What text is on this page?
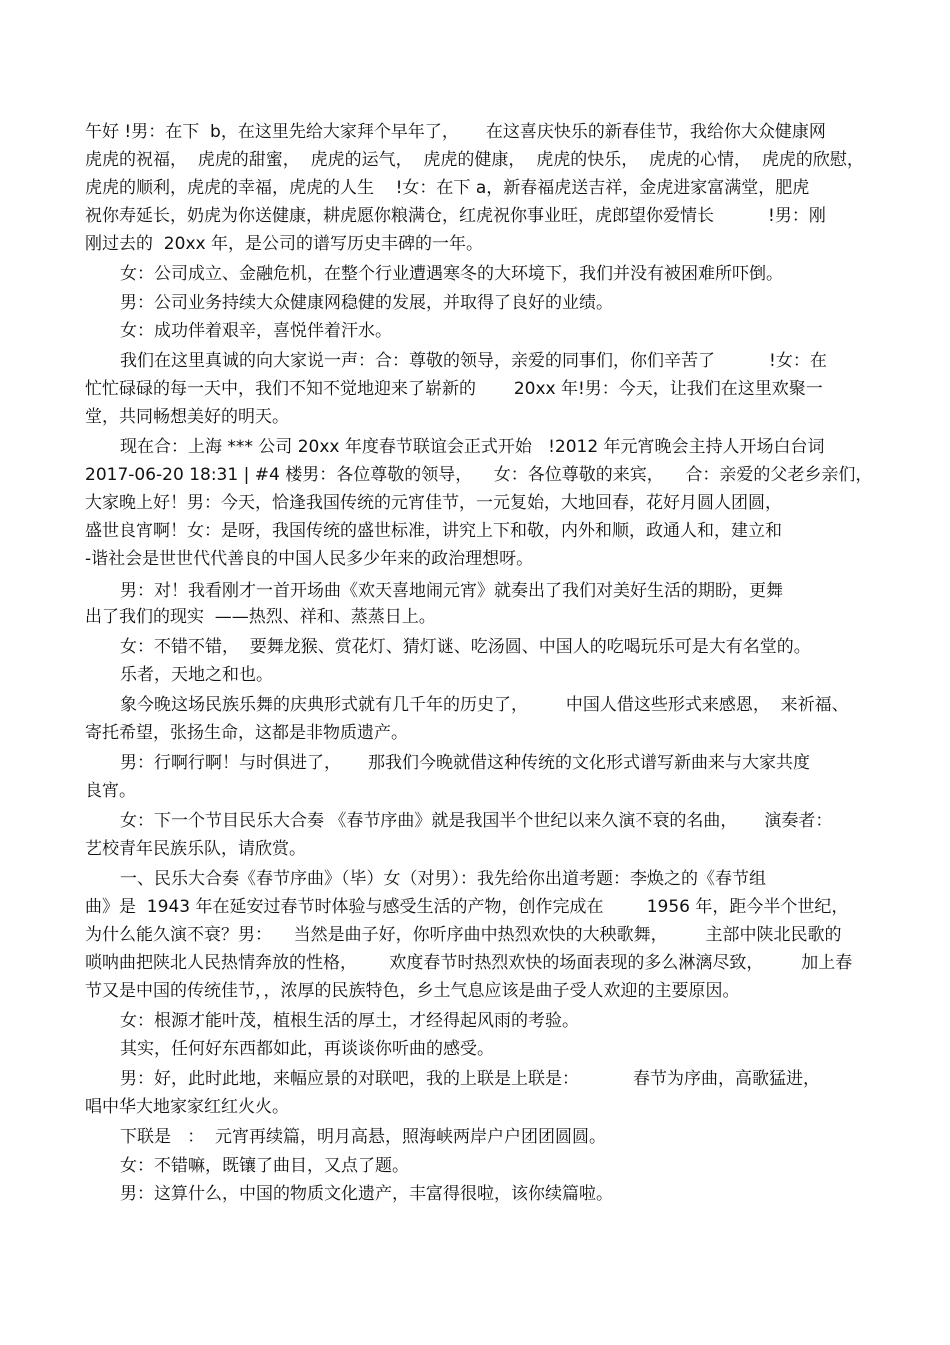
午好 !男：在下  b，在这里先给大家拜个早年了，     在这喜庆快乐的新春佳节，我给你大众健康网
虎虎的祝福，  虎虎的甜蜜，  虎虎的运气，  虎虎的健康，  虎虎的快乐，  虎虎的心情，  虎虎的欣慰，
虎虎的顺利，虎虎的幸福，虎虎的人生    !女：在下 a，新春福虎送吉祥，金虎进家富满堂，肥虎
祝你寿延长，奶虎为你送健康，耕虎愿你粮满仓，红虎祝你事业旺，虎郎望你爱情长          !男：刚
刚过去的  20xx 年，是公司的谱写历史丰碑的一年。
女：公司成立、金融危机，在整个行业遭遇寒冬的大环境下，我们并没有被困难所吓倒。
男：公司业务持续大众健康网稳健的发展，并取得了良好的业绩。
女：成功伴着艰辛，喜悦伴着汗水。
我们在这里真诚的向大家说一声：合：尊敬的领导，亲爱的同事们，你们辛苦了          !女：在
忙忙碌碌的每一天中，我们不知不觉地迎来了崭新的       20xx 年!男：今天，让我们在这里欢聚一
堂，共同畅想美好的明天。
现在合：上海 *** 公司 20xx 年度春节联谊会正式开始   !2012 年元宵晚会主持人开场白台词
2017-06-20 18:31 | #4 楼男：各位尊敬的领导，    女：各位尊敬的来宾，    合：亲爱的父老乡亲们，
大家晚上好！男：今天，恰逢我国传统的元宵佳节，一元复始，大地回春，花好月圆人团圆，
盛世良宵啊！女：是呀，我国传统的盛世标准，讲究上下和敬，内外和顺，政通人和，建立和
-谐社会是世世代代善良的中国人民多少年来的政治理想呀。
男：对！我看刚才一首开场曲《欢天喜地闹元宵》就奏出了我们对美好生活的期盼，更舞
出了我们的现实  ——热烈、祥和、蒸蒸日上。
女：不错不错，  要舞龙猴、赏花灯、猜灯谜、吃汤圆、中国人的吃喝玩乐可是大有名堂的。
乐者，天地之和也。
象今晚这场民族乐舞的庆典形式就有几千年的历史了，       中国人借这些形式来感恩，  来祈福、
寄托希望，张扬生命，这都是非物质遗产。
男：行啊行啊！与时俱进了，     那我们今晚就借这种传统的文化形式谱写新曲来与大家共度
良宵。
女：下一个节目民乐大合奏 《春节序曲》就是我国半个世纪以来久演不衰的名曲，     演奏者：
艺校青年民族乐队，请欣赏。
一、民乐大合奏《春节序曲》（毕）女（对男）：我先给你出道考题：李焕之的《春节组
曲》是  1943 年在延安过春节时体验与感受生活的产物，创作完成在        1956 年，距今半个世纪，
为什么能久演不衰？男：    当然是曲子好，你听序曲中热烈欢快的大秧歌舞，       主部中陕北民歌的
唢呐曲把陕北人民热情奔放的性格，      欢度春节时热烈欢快的场面表现的多么淋漓尽致，       加上春
节又是中国的传统佳节，，浓厚的民族特色，乡土气息应该是曲子受人欢迎的主要原因。
女：根源才能叶茂，植根生活的厚土，才经得起风雨的考验。
其实，任何好东西都如此，再谈谈你听曲的感受。
男：好，此时此地，来幅应景的对联吧，我的上联是上联是：          春节为序曲，高歌猛进，
唱中华大地家家红红火火。
下联是   ：  元宵再续篇，明月高悬，照海峡两岸户户团团圆圆。
女：不错嘛，既镶了曲目，又点了题。
男：这算什么，中国的物质文化遗产，丰富得很啦，该你续篇啦。
